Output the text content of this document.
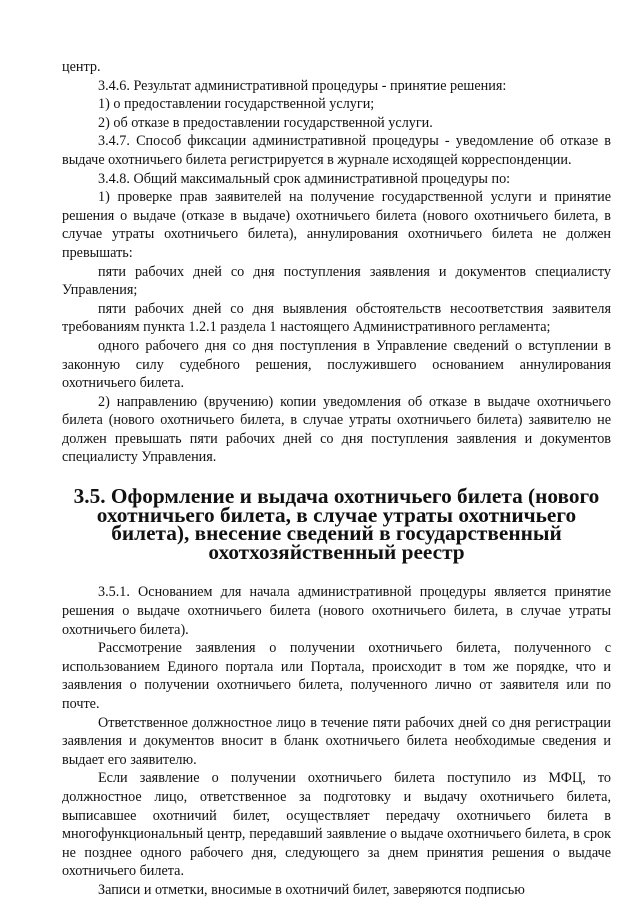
центр.

3.4.6. Результат административной процедуры - принятие решения:

1) о предоставлении государственной услуги;

2) об отказе в предоставлении государственной услуги.

3.4.7. Способ фиксации административной процедуры - уведомление об отказе в выдаче охотничьего билета регистрируется в журнале исходящей корреспонденции.

3.4.8. Общий максимальный срок административной процедуры по:

1) проверке прав заявителей на получение государственной услуги и принятие решения о выдаче (отказе в выдаче) охотничьего билета (нового охотничьего билета, в случае утраты охотничьего билета), аннулирования охотничьего билета не должен превышать:

пяти рабочих дней со дня поступления заявления и документов специалисту Управления;

пяти рабочих дней со дня выявления обстоятельств несоответствия заявителя требованиям пункта 1.2.1 раздела 1 настоящего Административного регламента;

одного рабочего дня со дня поступления в Управление сведений о вступлении в законную силу судебного решения, послужившего основанием аннулирования охотничьего билета.

2) направлению (вручению) копии уведомления об отказе в выдаче охотничьего билета (нового охотничьего билета, в случае утраты охотничьего билета) заявителю не должен превышать пяти рабочих дней со дня поступления заявления и документов специалисту Управления.

3.5. Оформление и выдача охотничьего билета (нового охотничьего билета, в случае утраты охотничьего билета), внесение сведений в государственный охотхозяйственный реестр

3.5.1. Основанием для начала административной процедуры является принятие решения о выдаче охотничьего билета (нового охотничьего билета, в случае утраты охотничьего билета).

Рассмотрение заявления о получении охотничьего билета, полученного с использованием Единого портала или Портала, происходит в том же порядке, что и заявления о получении охотничьего билета, полученного лично от заявителя или по почте.

Ответственное должностное лицо в течение пяти рабочих дней со дня регистрации заявления и документов вносит в бланк охотничьего билета необходимые сведения и выдает его заявителю.

Если заявление о получении охотничьего билета поступило из МФЦ, то должностное лицо, ответственное за подготовку и выдачу охотничьего билета, выписавшее охотничий билет, осуществляет передачу охотничьего билета в многофункциональный центр, передавший заявление о выдаче охотничьего билета, в срок не позднее одного рабочего дня, следующего за днем принятия решения о выдаче охотничьего билета.

Записи и отметки, вносимые в охотничий билет, заверяются подписью
